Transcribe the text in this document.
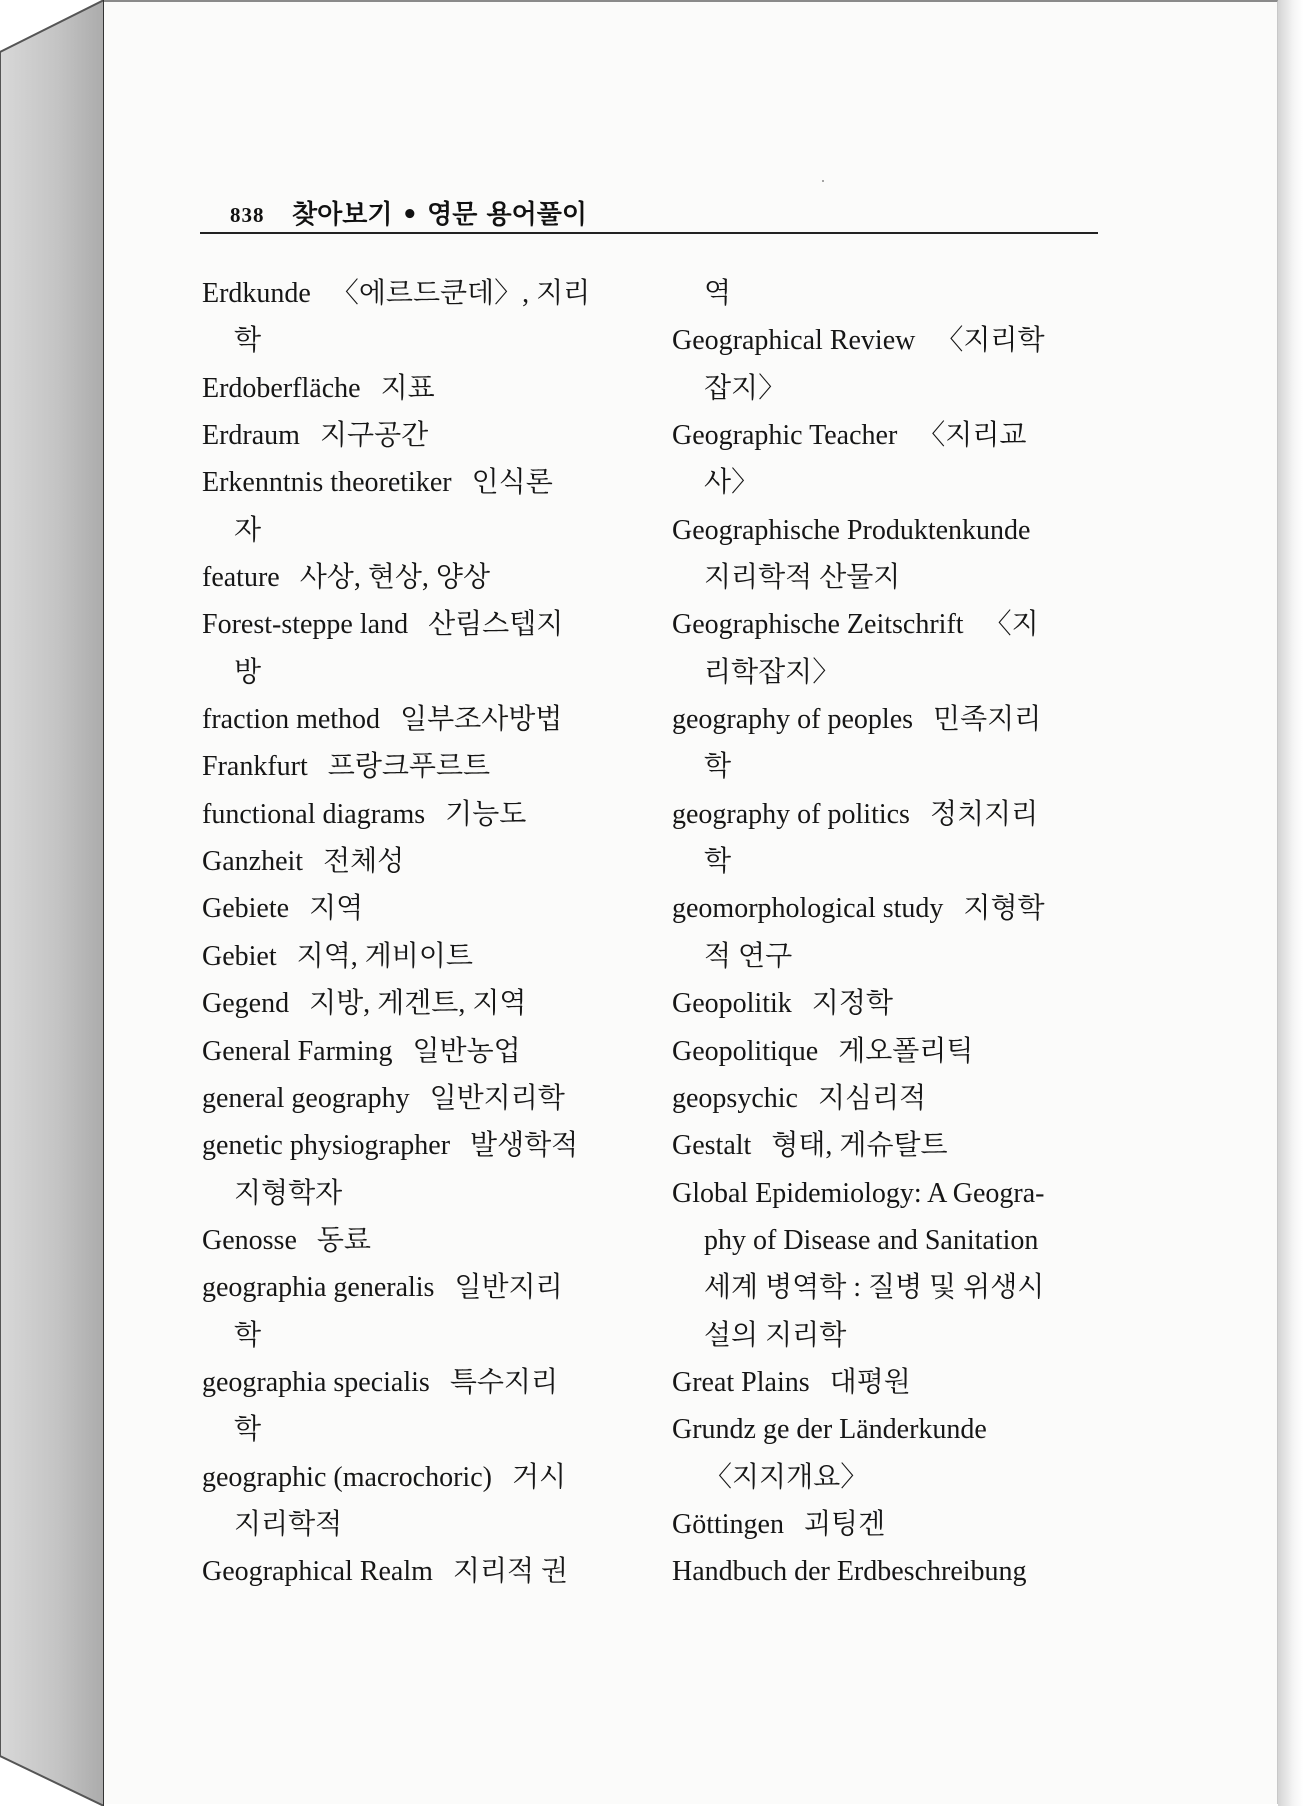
838 찾아보기 • 영문 용어풀이
Erdkunde 〈에르드쿤데〉, 지리
학
Erdoberfläche 지표
Erdraum 지구공간
Erkenntnis theoretiker 인식론
자
feature 사상, 현상, 양상
Forest-steppe land 산림스텝지
방
fraction method 일부조사방법
Frankfurt 프랑크푸르트
functional diagrams 기능도
Ganzheit 전체성
Gebiete 지역
Gebiet 지역, 게비이트
Gegend 지방, 게겐트, 지역
General Farming 일반농업
general geography 일반지리학
genetic physiographer 발생학적
지형학자
Genosse 동료
geographia generalis 일반지리
학
geographia specialis 특수지리
학
geographic (macrochoric) 거시
지리학적
Geographical Realm 지리적 권
역
Geographical Review 〈지리학
잡지〉
Geographic Teacher 〈지리교
사〉
Geographische Produktenkunde
지리학적 산물지
Geographische Zeitschrift 〈지
리학잡지〉
geography of peoples 민족지리
학
geography of politics 정치지리
학
geomorphological study 지형학
적 연구
Geopolitik 지정학
Geopolitique 게오폴리틱
geopsychic 지심리적
Gestalt 형태, 게슈탈트
Global Epidemiology: A Geogra-
phy of Disease and Sanitation
세계 병역학 : 질병 및 위생시
설의 지리학
Great Plains 대평원
Grundz ge der Länderkunde
〈지지개요〉
Göttingen 괴팅겐
Handbuch der Erdbeschreibung
